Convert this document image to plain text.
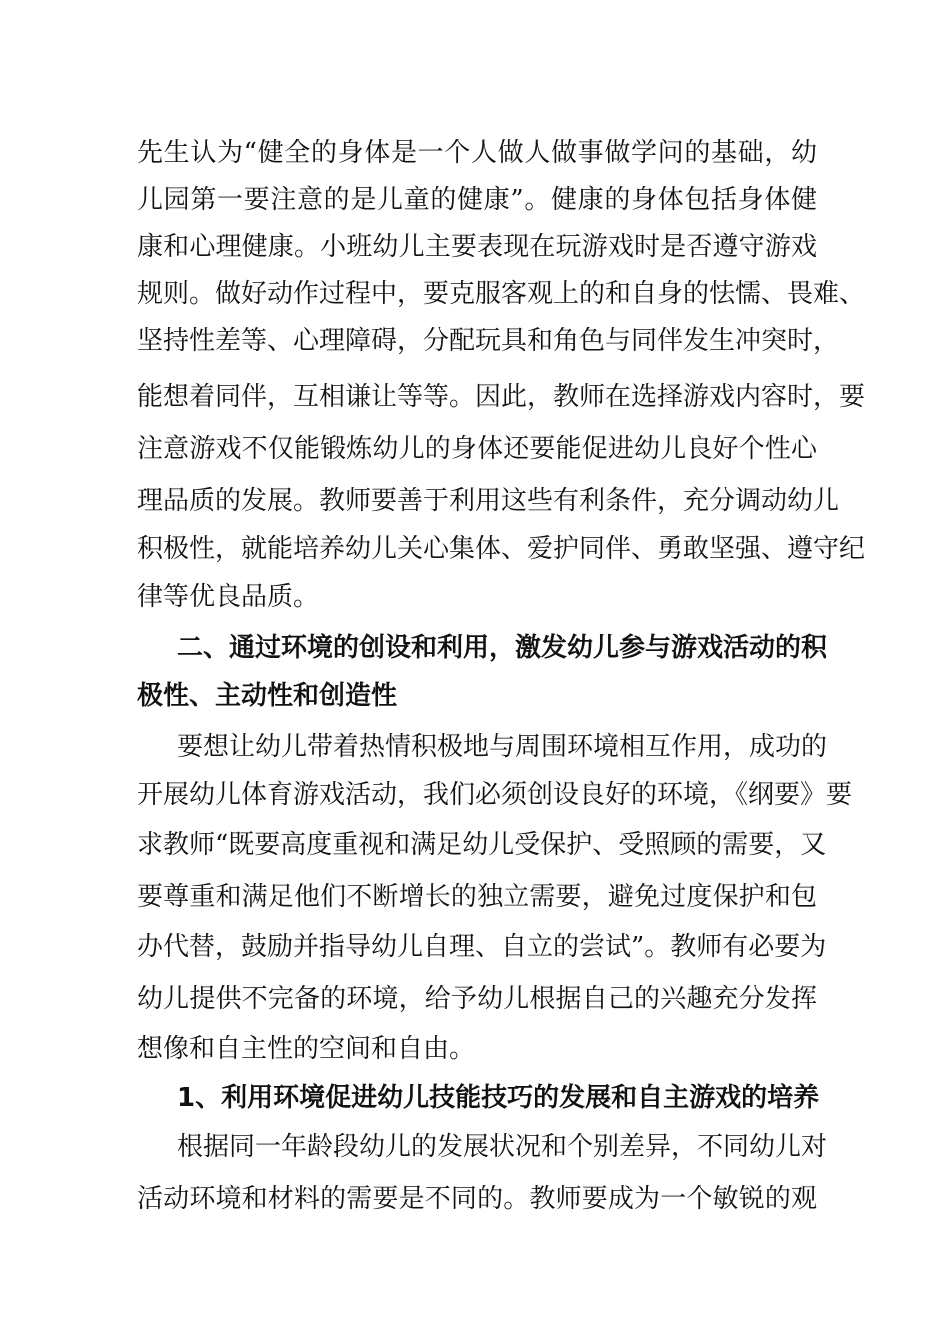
先生认为“健全的身体是一个人做人做事做学问的基础，幼
儿园第一要注意的是儿童的健康”。健康的身体包括身体健
康和心理健康。小班幼儿主要表现在玩游戏时是否遵守游戏
规则。做好动作过程中，要克服客观上的和自身的怯懦、畏难、
坚持性差等、心理障碍，分配玩具和角色与同伴发生冲突时，
能想着同伴，互相谦让等等。因此，教师在选择游戏内容时，要
注意游戏不仅能锻炼幼儿的身体还要能促进幼儿良好个性心
理品质的发展。教师要善于利用这些有利条件，充分调动幼儿
积极性，就能培养幼儿关心集体、爱护同伴、勇敢坚强、遵守纪
律等优良品质。
二、通过环境的创设和利用，激发幼儿参与游戏活动的积
极性、主动性和创造性
要想让幼儿带着热情积极地与周围环境相互作用，成功的
开展幼儿体育游戏活动，我们必须创设良好的环境，《纲要》要
求教师“既要高度重视和满足幼儿受保护、受照顾的需要，又
要尊重和满足他们不断增长的独立需要，避免过度保护和包
办代替，鼓励并指导幼儿自理、自立的尝试”。教师有必要为
幼儿提供不完备的环境，给予幼儿根据自己的兴趣充分发挥
想像和自主性的空间和自由。
1、利用环境促进幼儿技能技巧的发展和自主游戏的培养
根据同一年龄段幼儿的发展状况和个别差异，不同幼儿对
活动环境和材料的需要是不同的。教师要成为一个敏锐的观
